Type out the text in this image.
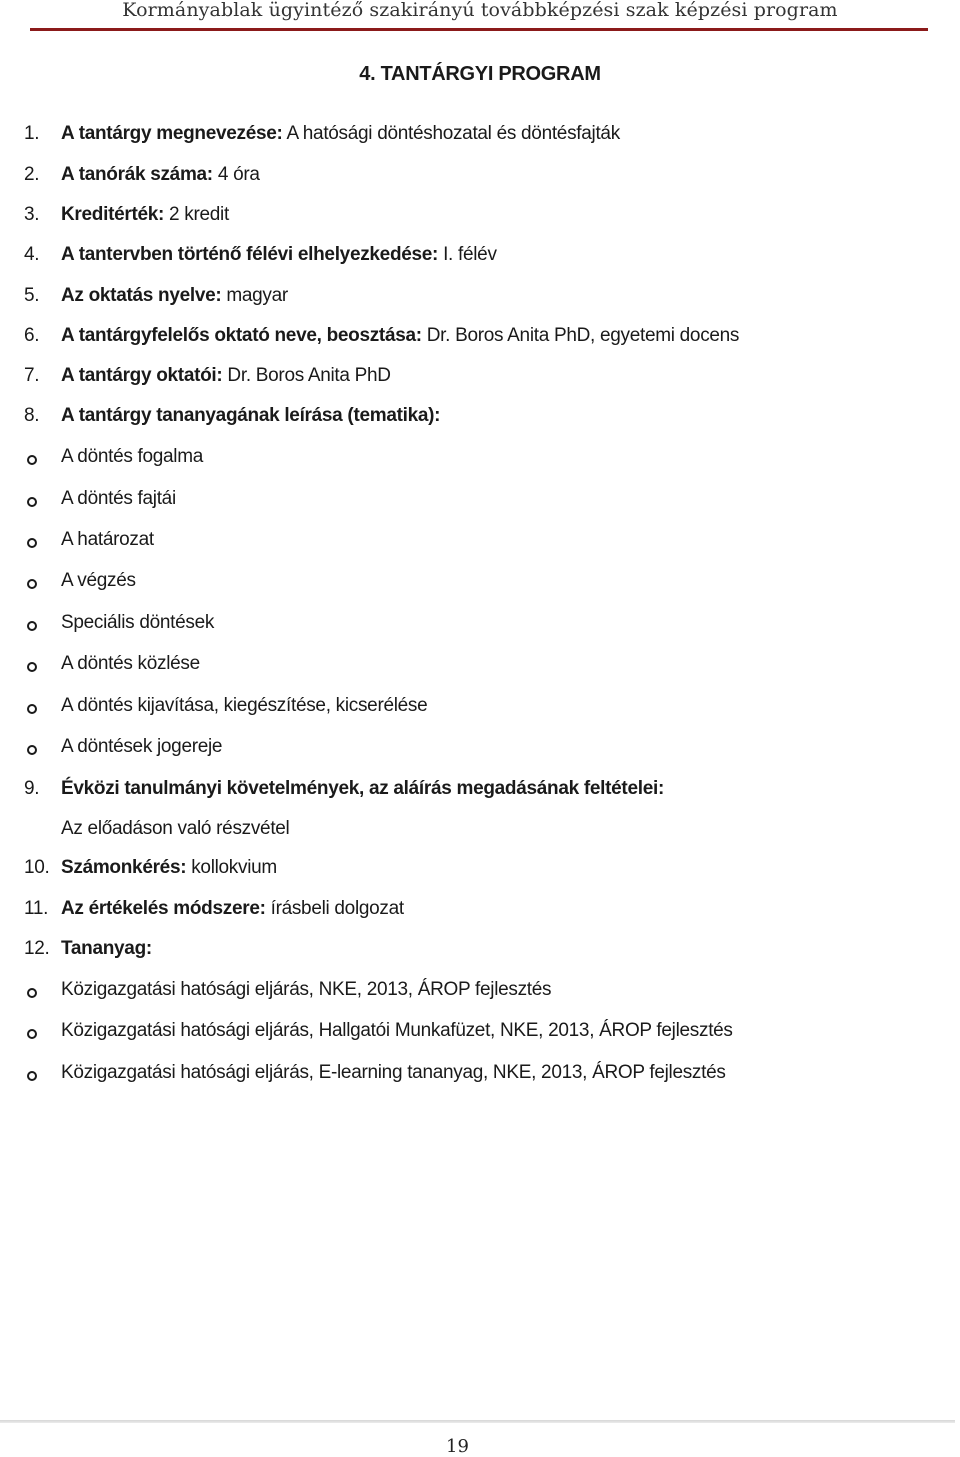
Kormányablak ügyintéző szakirányú továbbképzési szak képzési program
4. TANTÁRGYI PROGRAM
1. A tantárgy megnevezése: A hatósági döntéshozatal és döntésfajták
2. A tanórák száma: 4 óra
3. Kreditérték: 2 kredit
4. A tantervben történő félévi elhelyezkedése: I. félév
5. Az oktatás nyelve: magyar
6. A tantárgyfelelős oktató neve, beosztása: Dr. Boros Anita PhD, egyetemi docens
7. A tantárgy oktatói: Dr. Boros Anita PhD
8. A tantárgy tananyagának leírása (tematika):
A döntés fogalma
A döntés fajtái
A határozat
A végzés
Speciális döntések
A döntés közlése
A döntés kijavítása, kiegészítése, kicserélése
A döntések jogereje
9. Évközi tanulmányi követelmények, az aláírás megadásának feltételei:
Az előadáson való részvétel
10. Számonkérés: kollokvium
11. Az értékelés módszere: írásbeli dolgozat
12. Tananyag:
Közigazgatási hatósági eljárás, NKE, 2013, ÁROP fejlesztés
Közigazgatási hatósági eljárás, Hallgatói Munkafüzet, NKE, 2013, ÁROP fejlesztés
Közigazgatási hatósági eljárás, E-learning tananyag, NKE, 2013, ÁROP fejlesztés
19
